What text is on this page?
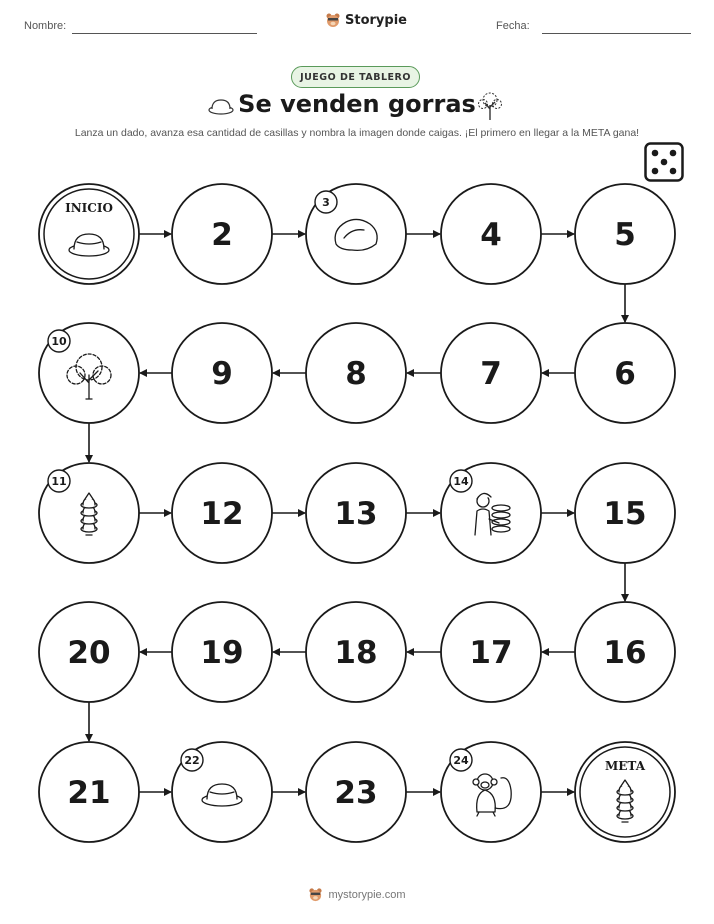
Nombre:	Storypie	Fecha:
JUEGO DE TABLERO
Se venden gorras
Lanza un dado, avanza esa cantidad de casillas y nombra la imagen donde caigas. ¡El primero en llegar a la META gana!
INICIO
2
3
4	5
6
7
8
9
10
11
12	13
14
15
16
17
18
19
20
21
22
23
24	META
mystorypie.com
